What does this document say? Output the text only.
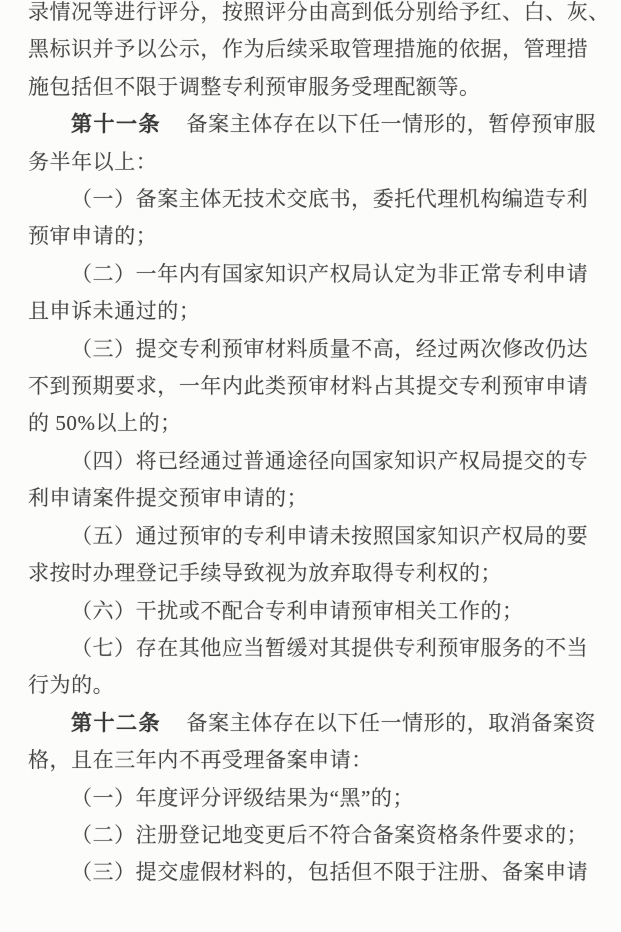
录情况等进行评分，按照评分由高到低分别给予红、白、灰、
黑标识并予以公示，作为后续采取管理措施的依据，管理措
施包括但不限于调整专利预审服务受理配额等。
第十一条　备案主体存在以下任一情形的，暂停预审服
务半年以上：
（一）备案主体无技术交底书，委托代理机构编造专利
预审申请的；
（二）一年内有国家知识产权局认定为非正常专利申请
且申诉未通过的；
（三）提交专利预审材料质量不高，经过两次修改仍达
不到预期要求，一年内此类预审材料占其提交专利预审申请
的 50%以上的；
（四）将已经通过普通途径向国家知识产权局提交的专
利申请案件提交预审申请的；
（五）通过预审的专利申请未按照国家知识产权局的要
求按时办理登记手续导致视为放弃取得专利权的；
（六）干扰或不配合专利申请预审相关工作的；
（七）存在其他应当暂缓对其提供专利预审服务的不当
行为的。
第十二条　备案主体存在以下任一情形的，取消备案资
格，且在三年内不再受理备案申请：
（一）年度评分评级结果为“黑”的；
（二）注册登记地变更后不符合备案资格条件要求的；
（三）提交虚假材料的，包括但不限于注册、备案申请
